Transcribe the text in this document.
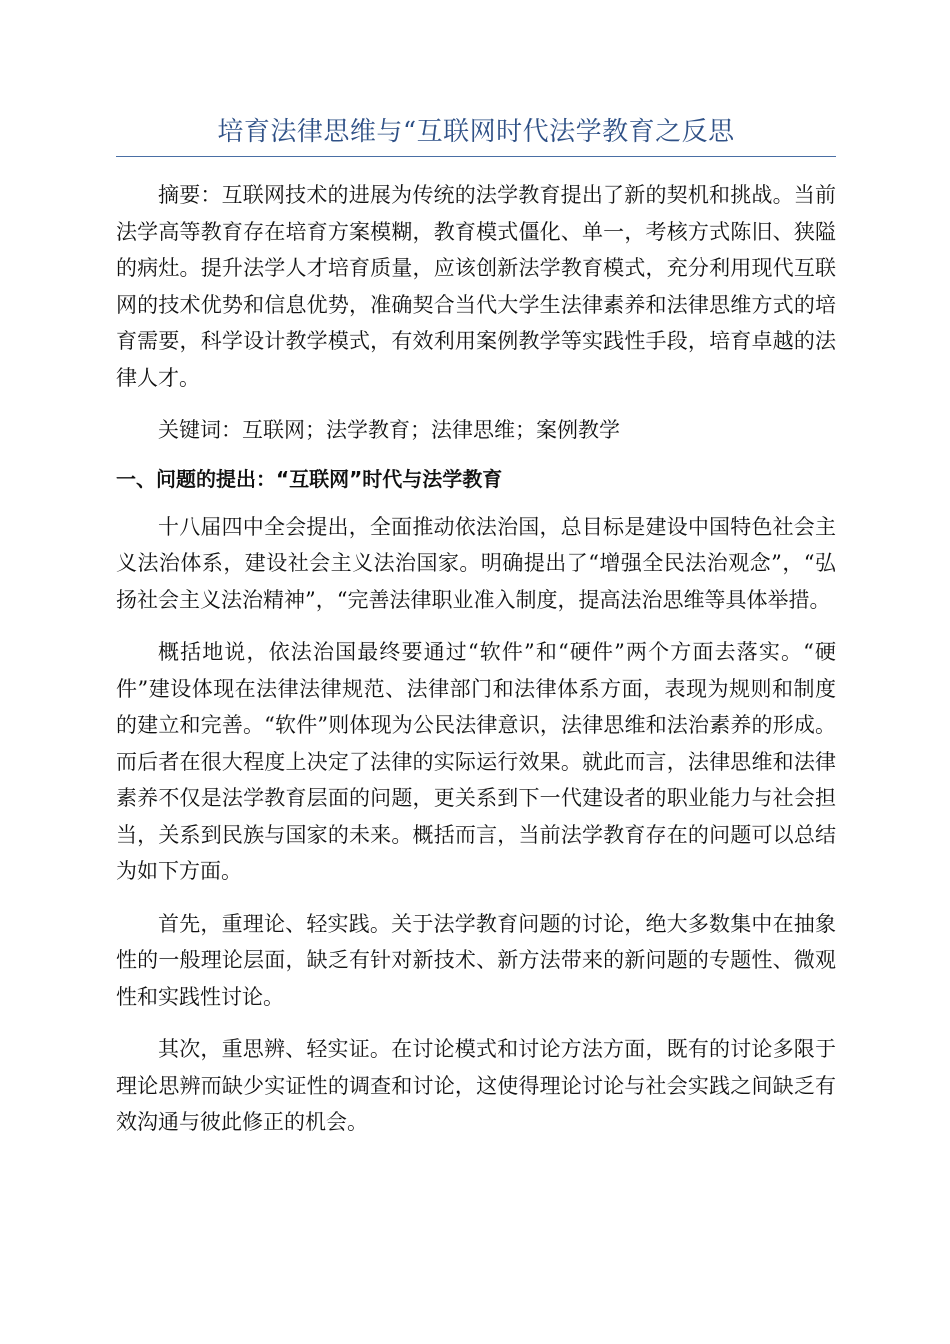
培育法律思维与“互联网时代法学教育之反思

摘要：互联网技术的进展为传统的法学教育提出了新的契机和挑战。当前法学高等教育存在培育方案模糊，教育模式僵化、单一，考核方式陈旧、狭隘的病灶。提升法学人才培育质量，应该创新法学教育模式，充分利用现代互联网的技术优势和信息优势，准确契合当代大学生法律素养和法律思维方式的培育需要，科学设计教学模式，有效利用案例教学等实践性手段，培育卓越的法律人才。

关键词：互联网；法学教育；法律思维；案例教学

一、问题的提出：“互联网”时代与法学教育

十八届四中全会提出，全面推动依法治国，总目标是建设中国特色社会主义法治体系，建设社会主义法治国家。明确提出了“增强全民法治观念”，“弘扬社会主义法治精神”，“完善法律职业准入制度，提高法治思维等具体举措。

概括地说，依法治国最终要通过“软件”和“硬件”两个方面去落实。“硬件”建设体现在法律法律规范、法律部门和法律体系方面，表现为规则和制度的建立和完善。“软件”则体现为公民法律意识，法律思维和法治素养的形成。而后者在很大程度上决定了法律的实际运行效果。就此而言，法律思维和法律素养不仅是法学教育层面的问题，更关系到下一代建设者的职业能力与社会担当，关系到民族与国家的未来。概括而言，当前法学教育存在的问题可以总结为如下方面。

首先，重理论、轻实践。关于法学教育问题的讨论，绝大多数集中在抽象性的一般理论层面，缺乏有针对新技术、新方法带来的新问题的专题性、微观性和实践性讨论。

其次，重思辨、轻实证。在讨论模式和讨论方法方面，既有的讨论多限于理论思辨而缺少实证性的调查和讨论，这使得理论讨论与社会实践之间缺乏有效沟通与彼此修正的机会。
